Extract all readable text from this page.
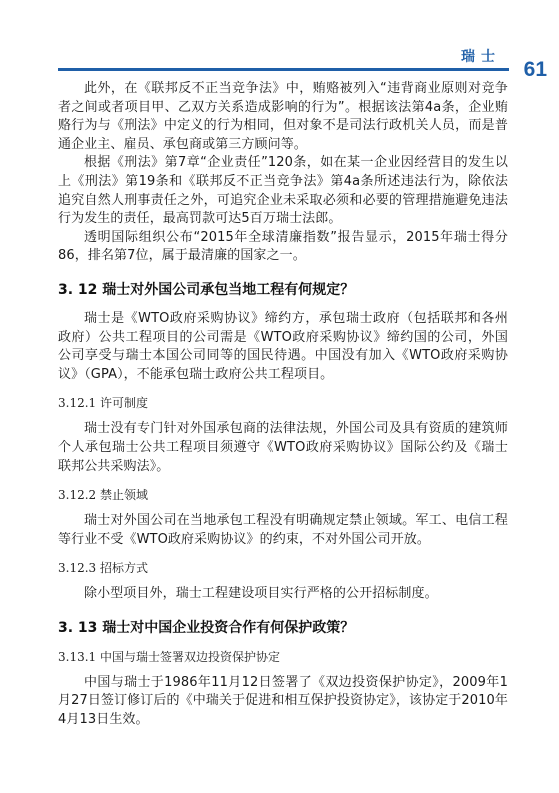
瑞士
61

此外，在《联邦反不正当竞争法》中，贿赂被列入“违背商业原则对竞争者之间或者项目甲、乙双方关系造成影响的行为”。根据该法第4a条，企业贿赂行为与《刑法》中定义的行为相同，但对象不是司法行政机关人员，而是普通企业主、雇员、承包商或第三方顾问等。

根据《刑法》第7章“企业责任”120条，如在某一企业因经营目的发生以上《刑法》第19条和《联邦反不正当竞争法》第4a条所述违法行为，除依法追究自然人刑事责任之外，可追究企业未采取必须和必要的管理措施避免违法行为发生的责任，最高罚款可达5百万瑞士法郎。

透明国际组织公布“2015年全球清廉指数”报告显示，2015年瑞士得分86，排名第7位，属于最清廉的国家之一。

3. 12 瑞士对外国公司承包当地工程有何规定？

瑞士是《WTO政府采购协议》缔约方，承包瑞士政府（包括联邦和各州政府）公共工程项目的公司需是《WTO政府采购协议》缔约国的公司，外国公司享受与瑞士本国公司同等的国民待遇。中国没有加入《WTO政府采购协议》（GPA），不能承包瑞士政府公共工程项目。

3.12.1 许可制度

瑞士没有专门针对外国承包商的法律法规，外国公司及具有资质的建筑师个人承包瑞士公共工程项目须遵守《WTO政府采购协议》国际公约及《瑞士联邦公共采购法》。

3.12.2 禁止领域

瑞士对外国公司在当地承包工程没有明确规定禁止领域。军工、电信工程等行业不受《WTO政府采购协议》的约束，不对外国公司开放。

3.12.3 招标方式

除小型项目外，瑞士工程建设项目实行严格的公开招标制度。

3. 13 瑞士对中国企业投资合作有何保护政策？
3.13.1 中国与瑞士签署双边投资保护协定

中国与瑞士于1986年11月12日签署了《双边投资保护协定》，2009年1月27日签订修订后的《中瑞关于促进和相互保护投资协定》，该协定于2010年4月13日生效。
